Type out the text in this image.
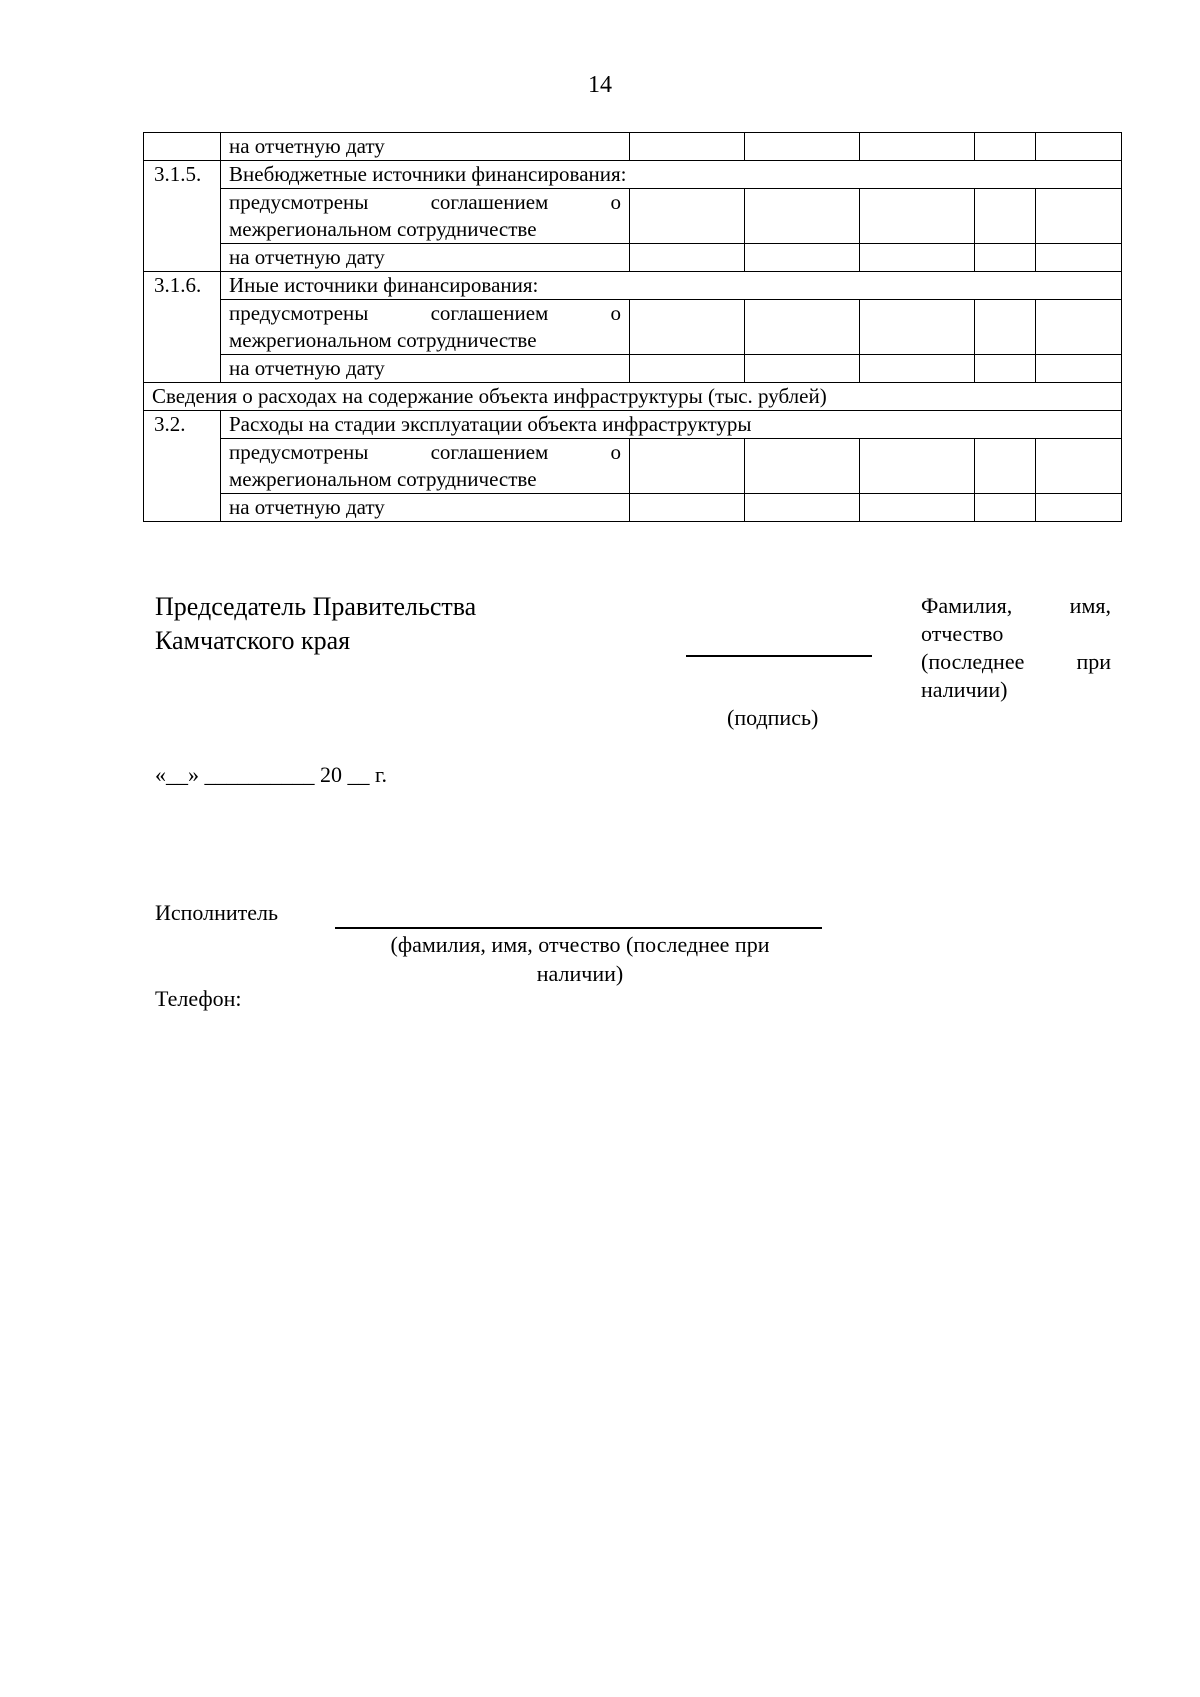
14
	на отчетную дату					
3.1.5.	Внебюджетные источники финансирования:					

	предусмотрены соглашением о
межрегиональном сотрудничестве					

	на отчетную дату					
3.1.6.	Иные источники финансирования:					

	предусмотрены соглашением о
межрегиональном сотрудничестве					

	на отчетную дату					
Сведения о расходах на содержание объекта инфраструктуры (тыс. рублей)						
3.2.	Расходы на стадии эксплуатации объекта инфраструктуры					

	предусмотрены соглашением о
межрегиональном сотрудничестве					

	на отчетную дату					
Председатель Правительства
Камчатского края
(подпись)
Фамилия, имя,
отчество
(последнее при
наличии)
«__» __________ 20 __ г.
Исполнитель
(фамилия, имя, отчество (последнее при
наличии)
Телефон:
